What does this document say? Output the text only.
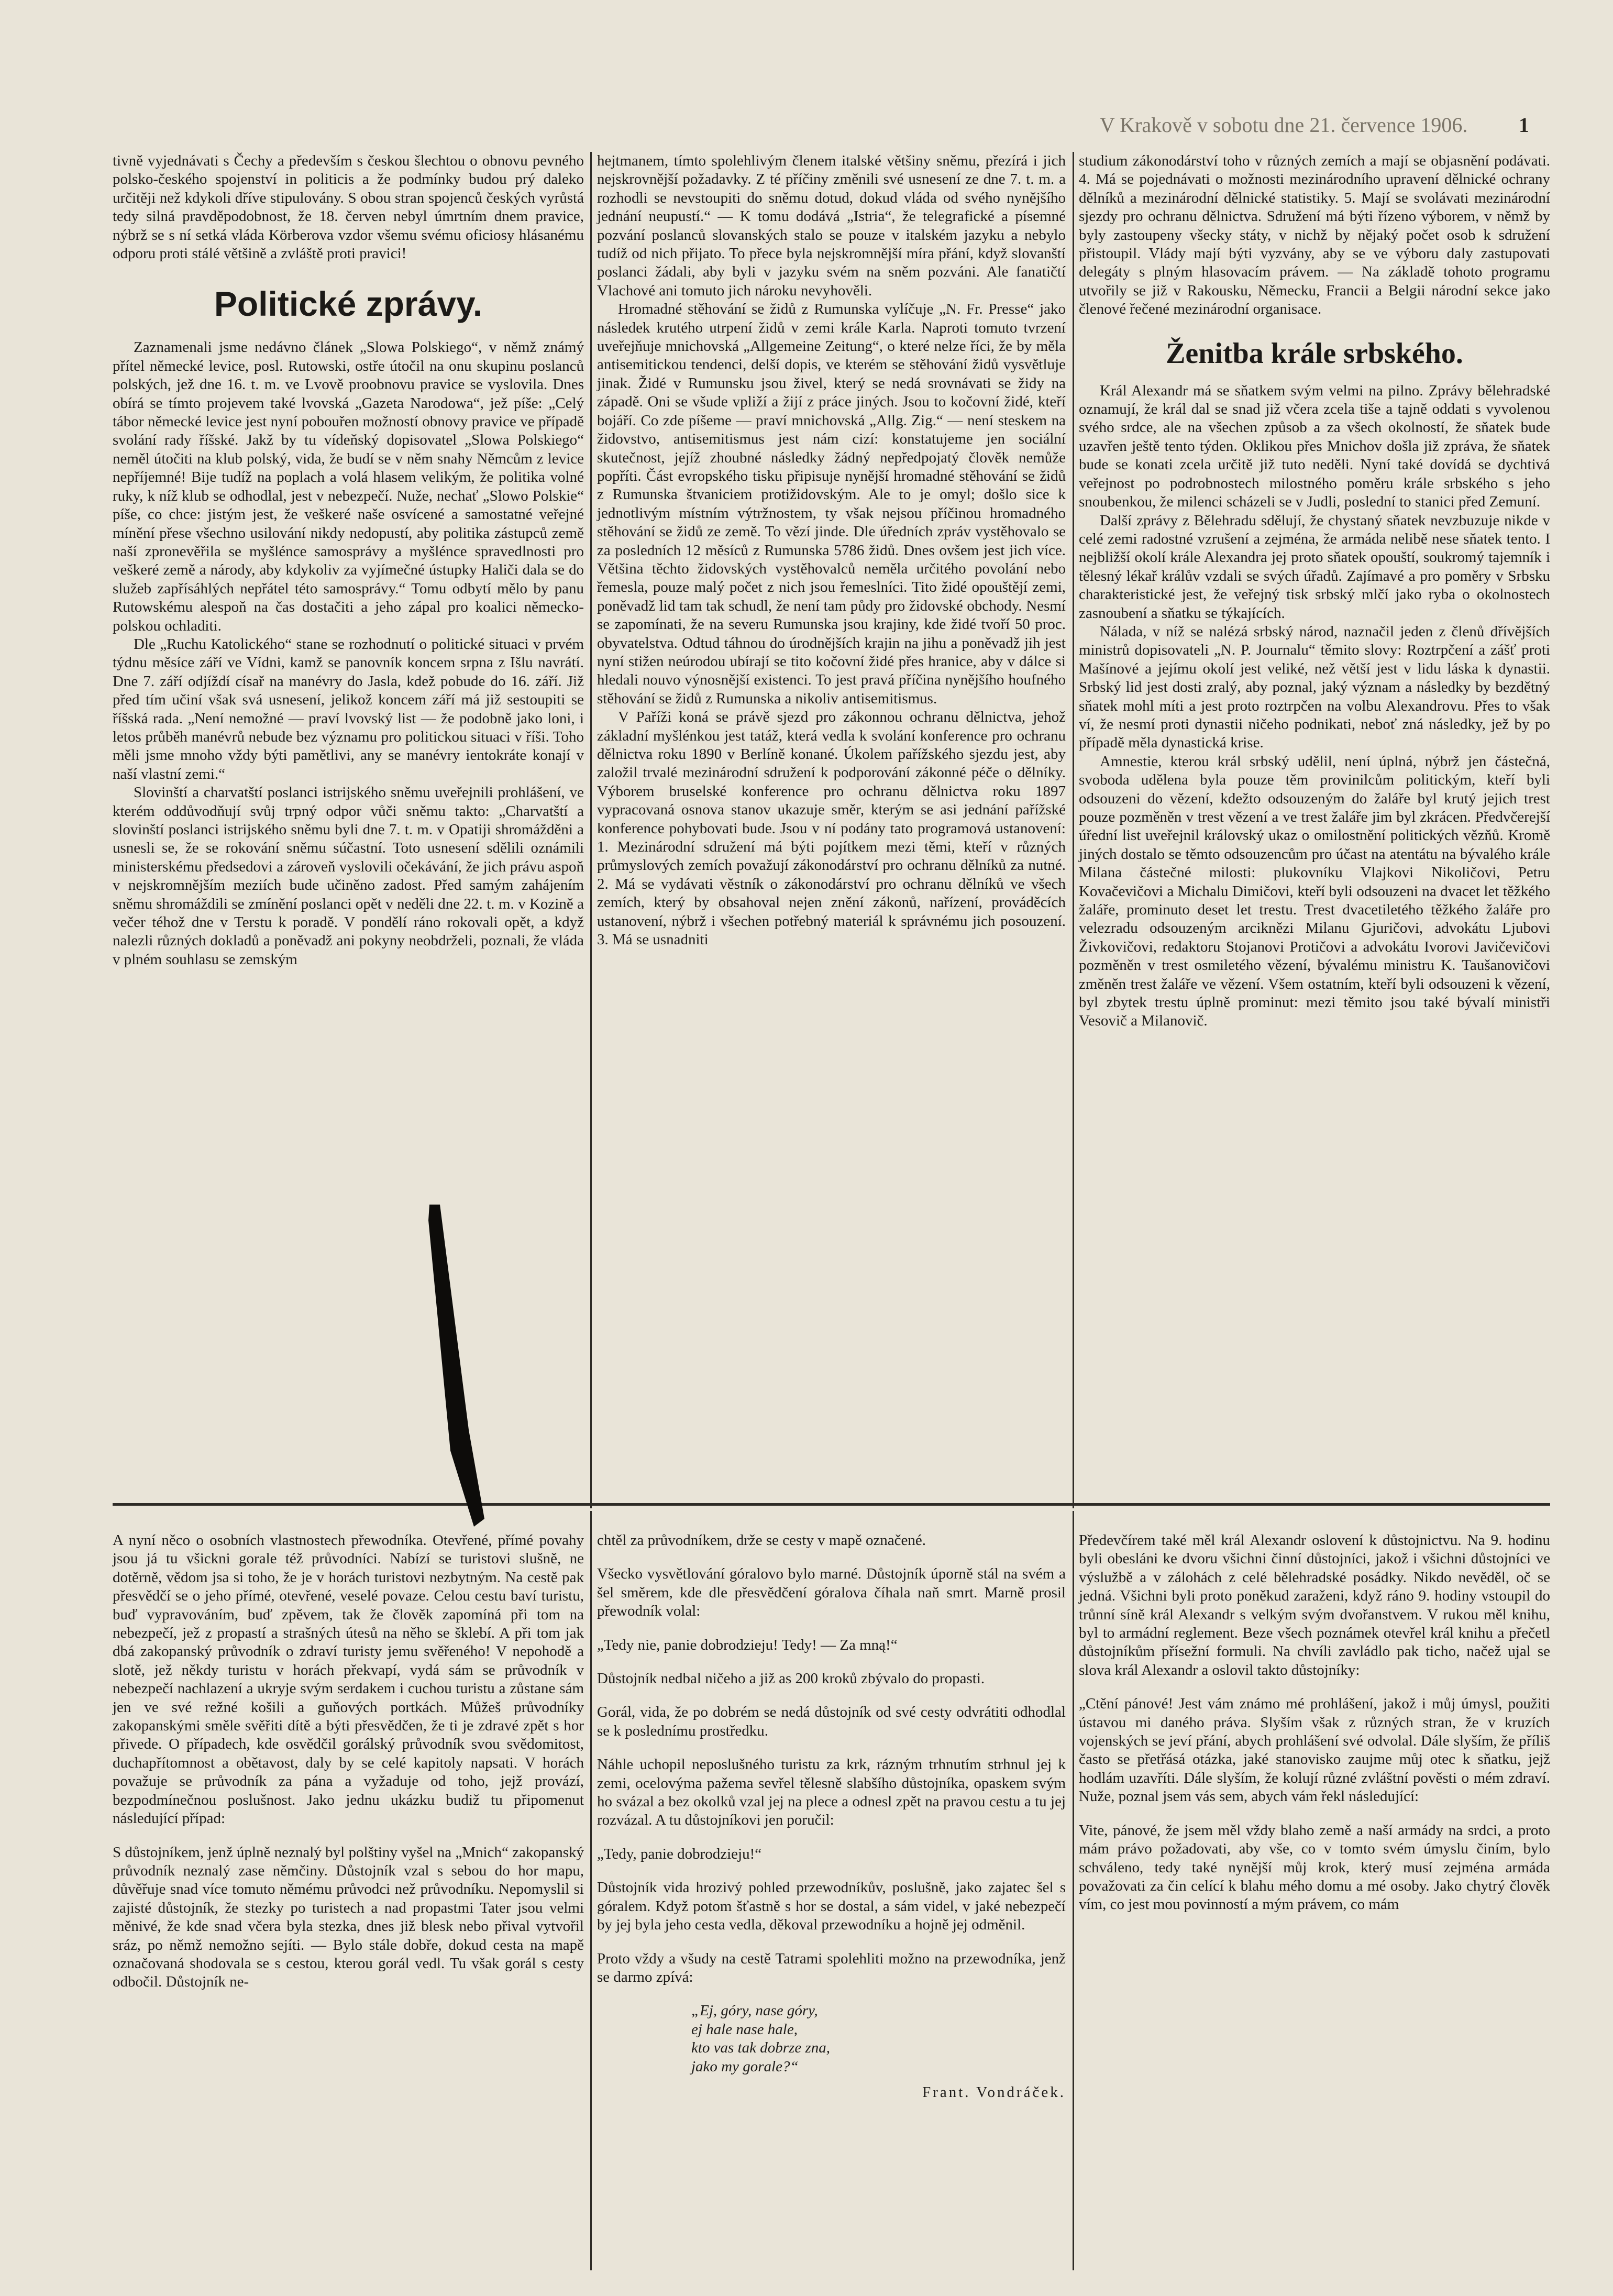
V Krakově v sobotu dne 21. července 1906. 1

tivně vyjednávati s Čechy a především s českou šlechtou o obnovu pevného polsko-českého spojenství in politicis a že podmínky budou prý daleko určitěji než kdykoli dříve stipulovány. S obou stran spojenců českých vyrůstá tedy silná pravděpodobnost, že 18. červen nebyl úmrtním dnem pravice, nýbrž se s ní setká vláda Körberova vzdor všemu svému oficiosy hlásanému odporu proti stálé většině a zvláště proti pravici!

Politické zprávy.

Zaznamenali jsme nedávno článek „Slowa Polskiego“, v němž známý přítel německé levice, posl. Rutowski, ostře útočil na onu skupinu poslanců polských, jež dne 16. t. m. ve Lvově proobnovu pravice se vyslovila. Dnes obírá se tímto projevem také lvovská „Gazeta Narodowa“, jež píše: „Celý tábor německé levice jest nyní pobouřen možností obnovy pravice ve případě svolání rady říšské. Jakž by tu vídeňský dopisovatel „Slowa Polskiego“ neměl útočiti na klub polský, vida, že budí se v něm snahy Němcům z levice nepříjemné! Bije tudíž na poplach a volá hlasem velikým, že politika volné ruky, k níž klub se odhodlal, jest v nebezpečí. Nuže, nechať „Slowo Polskie“ píše, co chce: jistým jest, že veškeré naše osvícené a samostatné veřejné mínění přese všechno usilování nikdy nedopustí, aby politika zástupců země naší zpronevěřila se myšlénce samosprávy a myšlénce spravedlnosti pro veškeré země a národy, aby kdykoliv za vyjímečné ústupky Haliči dala se do služeb zapřísáhlých nepřátel této samosprávy.“ Tomu odbytí mělo by panu Rutowskému alespoň na čas dostačiti a jeho zápal pro koalici německo-polskou ochladiti.

Dle „Ruchu Katolického“ stane se rozhodnutí o politické situaci v prvém týdnu měsíce září ve Vídni, kamž se panovník koncem srpna z Išlu navrátí. Dne 7. září odjíždí císař na manévry do Jasla, kdež pobude do 16. září. Již před tím učiní však svá usnesení, jelikož koncem září má již sestoupiti se říšská rada. „Není nemožné — praví lvovský list — že podobně jako loni, i letos průběh manévrů nebude bez významu pro politickou situaci v říši. Toho měli jsme mnoho vždy býti pamětlivi, any se manévry ientokráte konají v naší vlastní zemi.“

Slovinští a charvatští poslanci istrijského sněmu uveřejnili prohlášení, ve kterém oddůvodňují svůj trpný odpor vůči sněmu takto: „Charvatští a slovinští poslanci istrijského sněmu byli dne 7. t. m. v Opatiji shromážděni a usnesli se, že se rokování sněmu súčastní. Toto usnesení sdělili oznámili ministerskému předsedovi a zároveň vyslovili očekávání, že jich právu aspoň v nejskromnějším meziích bude učiněno zadost. Před samým zahájením sněmu shromáždili se zmínění poslanci opět v neděli dne 22. t. m. v Kozině a večer téhož dne v Terstu k poradě. V pondělí ráno rokovali opět, a když nalezli různých dokladů a poněvadž ani pokyny neobdrželi, poznali, že vláda v plném souhlasu se zemským

hejtmanem, tímto spolehlivým členem italské většiny sněmu, přezírá i jich nejskrovnější požadavky. Z té příčiny změnili své usnesení ze dne 7. t. m. a rozhodli se nevstoupiti do sněmu dotud, dokud vláda od svého nynějšího jednání neupustí.“ — K tomu dodává „Istria“, že telegrafické a písemné pozvání poslanců slovanských stalo se pouze v italském jazyku a nebylo tudíž od nich přijato. To přece byla nejskromnější míra přání, když slovanští poslanci žádali, aby byli v jazyku svém na sněm pozváni. Ale fanatičtí Vlachové ani tomuto jich nároku nevyhověli.

Hromadné stěhování se židů z Rumunska vylíčuje „N. Fr. Presse“ jako následek krutého utrpení židů v zemi krále Karla. Naproti tomuto tvrzení uveřejňuje mnichovská „Allgemeine Zeitung“, o které nelze říci, že by měla antisemitickou tendenci, delší dopis, ve kterém se stěhování židů vysvětluje jinak. Židé v Rumunsku jsou živel, který se nedá srovnávati se židy na západě. Oni se všude vpliží a žijí z práce jiných. Jsou to kočovní židé, kteří bojáří. Co zde píšeme — praví mnichovská „Allg. Zig.“ — není steskem na židovstvo, antisemitismus jest nám cizí: konstatujeme jen sociální skutečnost, jejíž zhoubné následky žádný nepředpojatý člověk nemůže popříti. Část evropského tisku připisuje nynější hromadné stěhování se židů z Rumunska štvaniciem protižidovským. Ale to je omyl; došlo sice k jednotlivým místním výtržnostem, ty však nejsou příčinou hromadného stěhování se židů ze země. To vězí jinde. Dle úředních zpráv vystěhovalo se za posledních 12 měsíců z Rumunska 5786 židů. Dnes ovšem jest jich více. Většina těchto židovských vystěhovalců neměla určitého povolání nebo řemesla, pouze malý počet z nich jsou řemeslníci. Tito židé opouštějí zemi, poněvadž lid tam tak schudl, že není tam půdy pro židovské obchody. Nesmí se zapomínati, že na severu Rumunska jsou krajiny, kde židé tvoří 50 proc. obyvatelstva. Odtud táhnou do úrodnějších krajin na jihu a poněvadž jih jest nyní stižen neúrodou ubírají se tito kočovní židé přes hranice, aby v dálce si hledali nouvo výnosnější existenci. To jest pravá příčina nynějšího houfného stěhování se židů z Rumunska a nikoliv antisemitismus.

V Paříži koná se právě sjezd pro zákonnou ochranu dělnictva, jehož základní myšlénkou jest tatáž, která vedla k svolání konference pro ochranu dělnictva roku 1890 v Berlíně konané. Úkolem pařížského sjezdu jest, aby založil trvalé mezinárodní sdružení k podporování zákonné péče o dělníky. Výborem bruselské konference pro ochranu dělnictva roku 1897 vypracovaná osnova stanov ukazuje směr, kterým se asi jednání pařížské konference pohybovati bude. Jsou v ní podány tato programová ustanovení: 1. Mezinárodní sdružení má býti pojítkem mezi těmi, kteří v různých průmyslových zemích považují zákonodárství pro ochranu dělníků za nutné. 2. Má se vydávati věstník o zákonodárství pro ochranu dělníků ve všech zemích, který by obsahoval nejen znění zákonů, nařízení, prováděcích ustanovení, nýbrž i všechen potřebný materiál k správnému jich posouzení. 3. Má se usnadniti

studium zákonodárství toho v různých zemích a mají se objasnění podávati. 4. Má se pojednávati o možnosti mezinárodního upravení dělnické ochrany dělníků a mezinárodní dělnické statistiky. 5. Mají se svolávati mezinárodní sjezdy pro ochranu dělnictva. Sdružení má býti řízeno výborem, v němž by byly zastoupeny všecky státy, v nichž by nějaký počet osob k sdružení přistoupil. Vlády mají býti vyzvány, aby se ve výboru daly zastupovati delegáty s plným hlasovacím právem. — Na základě tohoto programu utvořily se již v Rakousku, Německu, Francii a Belgii národní sekce jako členové řečené mezinárodní organisace.

Ženitba krále srbského.

Král Alexandr má se sňatkem svým velmi na pilno. Zprávy bělehradské oznamují, že král dal se snad již včera zcela tiše a tajně oddati s vyvolenou svého srdce, ale na všechen způsob a za všech okolností, že sňatek bude uzavřen ještě tento týden. Oklikou přes Mnichov došla již zpráva, že sňatek bude se konati zcela určitě již tuto neděli. Nyní také dovídá se dychtivá veřejnost po podrobnostech milostného poměru krále srbského s jeho snoubenkou, že milenci scházeli se v Judli, poslední to stanici před Zemuní.

Další zprávy z Bělehradu sdělují, že chystaný sňatek nevzbuzuje nikde v celé zemi radostné vzrušení a zejména, že armáda nelibě nese sňatek tento. I nejbližší okolí krále Alexandra jej proto sňatek opouští, soukromý tajemník i tělesný lékař králův vzdali se svých úřadů. Zajímavé a pro poměry v Srbsku charakteristické jest, že veřejný tisk srbský mlčí jako ryba o okolnostech zasnoubení a sňatku se týkajících.

Nálada, v níž se nalézá srbský národ, naznačil jeden z členů dřívějších ministrů dopisovateli „N. P. Journalu“ těmito slovy: Roztrpčení a zášť proti Mašínové a jejímu okolí jest veliké, než větší jest v lidu láska k dynastii. Srbský lid jest dosti zralý, aby poznal, jaký význam a následky by bezdětný sňatek mohl míti a jest proto roztrpčen na volbu Alexandrovu. Přes to však ví, že nesmí proti dynastii ničeho podnikati, neboť zná následky, jež by po případě měla dynastická krise.

Amnestie, kterou král srbský udělil, není úplná, nýbrž jen částečná, svoboda udělena byla pouze těm provinilcům politickým, kteří byli odsouzeni do vězení, kdežto odsouzeným do žaláře byl krutý jejich trest pouze pozměněn v trest vězení a ve trest žaláře jim byl zkrácen. Předvčerejší úřední list uveřejnil královský ukaz o omilostnění politických vězňů. Kromě jiných dostalo se těmto odsouzencům pro účast na atentátu na bývalého krále Milana částečné milosti: plukovníku Vlajkovi Nikoličovi, Petru Kovačevičovi a Michalu Dimičovi, kteří byli odsouzeni na dvacet let těžkého žaláře, prominuto deset let trestu. Trest dvacetiletého těžkého žaláře pro velezradu odsouzeným arciknězi Milanu Gjuričovi, advokátu Ljubovi Živkovičovi, redaktoru Stojanovi Protičovi a advokátu Ivorovi Javičevičovi pozměněn v trest osmiletého vězení, bývalému ministru K. Taušanovičovi změněn trest žaláře ve vězení. Všem ostatním, kteří byli odsouzeni k vězení, byl zbytek trestu úplně prominut: mezi těmito jsou také bývalí ministři Vesovič a Milanovič.

A nyní něco o osobních vlastnostech přewodníka. Otevřené, přímé povahy jsou já tu všickni gorale též průvodníci. Nabízí se turistovi slušně, ne dotěrně, vědom jsa si toho, že je v horách turistovi nezbytným. Na cestě pak přesvědčí se o jeho přímé, otevřené, veselé povaze. Celou cestu baví turistu, buď vypravováním, buď zpěvem, tak že člověk zapomíná při tom na nebezpečí, jež z propastí a strašných útesů na něho se šklebí. A při tom jak dbá zakopanský průvodník o zdraví turisty jemu svěřeného! V nepohodě a slotě, jež někdy turistu v horách překvapí, vydá sám se průvodník v nebezpečí nachlazení a ukryje svým serdakem i cuchou turistu a zůstane sám jen ve své režné košili a guňových portkách. Můžeš průvodníky zakopanskými směle svěřiti dítě a býti přesvědčen, že ti je zdravé zpět s hor přivede. O případech, kde osvědčil gorálský průvodník svou svědomitost, duchapřítomnost a obětavost, daly by se celé kapitoly napsati. V horách považuje se průvodník za pána a vyžaduje od toho, jejž provází, bezpodmínečnou poslušnost. Jako jednu ukázku budiž tu připomenut následující případ:

S důstojníkem, jenž úplně neznalý byl polštiny vyšel na „Mnich“ zakopanský průvodník neznalý zase němčiny. Důstojník vzal s sebou do hor mapu, důvěřuje snad více tomuto němému průvodci než průvodníku. Nepomyslil si zajisté důstojník, že stezky po turistech a nad propastmi Tater jsou velmi měnivé, že kde snad včera byla stezka, dnes již blesk nebo přival vytvořil sráz, po němž nemožno sejíti. — Bylo stále dobře, dokud cesta na mapě označovaná shodovala se s cestou, kterou gorál vedl. Tu však gorál s cesty odbočil. Důstojník ne-

chtěl za průvodníkem, drže se cesty v mapě označené.

Všecko vysvětlování góralovo bylo marné. Důstojník úporně stál na svém a šel směrem, kde dle přesvědčení góralova číhala naň smrt. Marně prosil přewodník volal:

„Tedy nie, panie dobrodzieju! Tedy! — Za mną!“

Důstojník nedbal ničeho a již as 200 kroků zbývalo do propasti.

Gorál, vida, že po dobrém se nedá důstojník od své cesty odvrátiti odhodlal se k poslednímu prostředku.

Náhle uchopil neposlušného turistu za krk, rázným trhnutím strhnul jej k zemi, ocelovýma pažema sevřel tělesně slabšího důstojníka, opaskem svým ho svázal a bez okolků vzal jej na plece a odnesl zpět na pravou cestu a tu jej rozvázal. A tu důstojníkovi jen poručil:

„Tedy, panie dobrodzieju!“

Důstojník vida hrozivý pohled przewodníkův, poslušně, jako zajatec šel s góralem. Když potom šťastně s hor se dostal, a sám videl, v jaké nebezpečí by jej byla jeho cesta vedla, děkoval przewodníku a hojně jej odměnil.

Proto vždy a všudy na cestě Tatrami spolehliti možno na przewodníka, jenž se darmo zpívá:

„Ej, góry, nase góry,
ej hale nase hale,
kto vas tak dobrze zna,
jako my gorale?“
Frant. Vondráček.

Předevčírem také měl král Alexandr oslovení k důstojnictvu. Na 9. hodinu byli obesláni ke dvoru všichni činní důstojníci, jakož i všichni důstojníci ve výslužbě a v zálohách z celé bělehradské posádky. Nikdo nevěděl, oč se jedná. Všichni byli proto poněkud zaraženi, když ráno 9. hodiny vstoupil do trůnní síně král Alexandr s velkým svým dvořanstvem. V rukou měl knihu, byl to armádní reglement. Beze všech poznámek otevřel král knihu a přečetl důstojníkům přísežní formuli. Na chvíli zavládlo pak ticho, načež ujal se slova král Alexandr a oslovil takto důstojníky:

„Ctění pánové! Jest vám známo mé prohlášení, jakož i můj úmysl, použiti ústavou mi daného práva. Slyším však z různých stran, že v kruzích vojenských se jeví přání, abych prohlášení své odvolal. Dále slyším, že příliš často se přetřásá otázka, jaké stanovisko zaujme můj otec k sňatku, jejž hodlám uzavříti. Dále slyším, že kolují různé zvláštní pověsti o mém zdraví. Nuže, poznal jsem vás sem, abych vám řekl následující:

Vite, pánové, že jsem měl vždy blaho země a naší armády na srdci, a proto mám právo požadovati, aby vše, co v tomto svém úmyslu činím, bylo schváleno, tedy také nynější můj krok, který musí zejména armáda považovati za čin celící k blahu mého domu a mé osoby. Jako chytrý člověk vím, co jest mou povinností a mým právem, co mám
